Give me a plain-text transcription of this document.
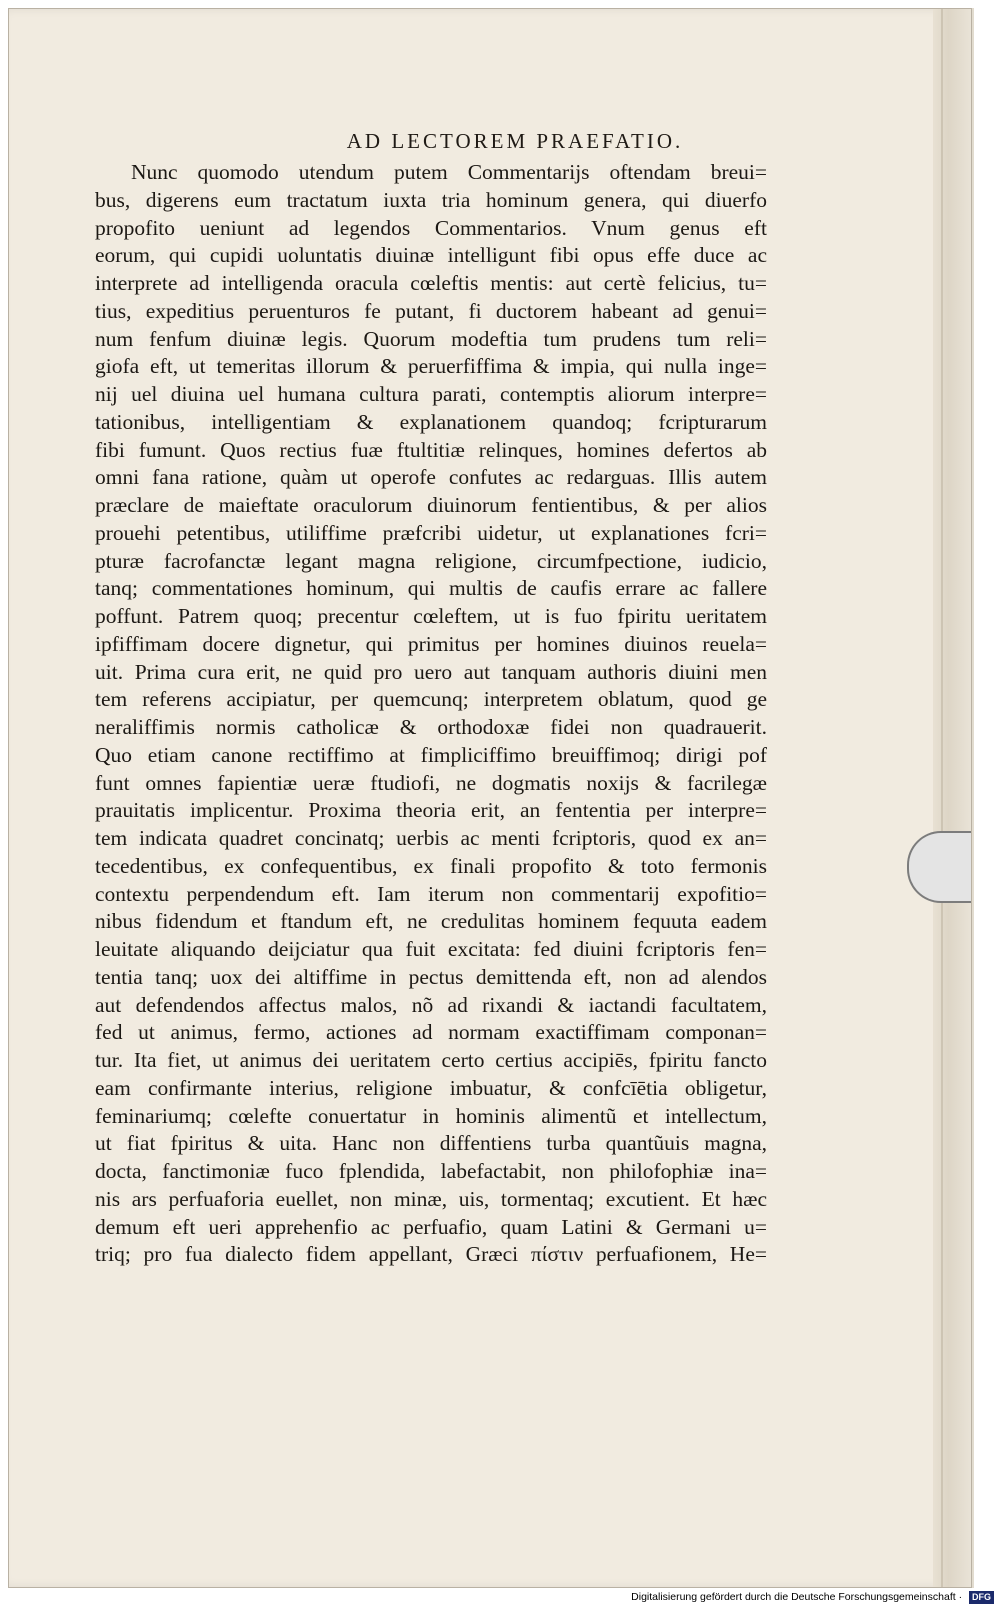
AD LECTOREM PRAEFATIO.
Nunc quomodo utendum putem Commentarijs oftendam breui=
bus, digerens eum tractatum iuxta tria hominum genera, qui diuerfo
propofito ueniunt ad legendos Commentarios. Vnum genus eft
eorum, qui cupidi uoluntatis diuinæ intelligunt fibi opus effe duce ac
interprete ad intelligenda oracula cœleftis mentis: aut certè felicius, tu=
tius, expeditius peruenturos fe putant, fi ductorem habeant ad genui=
num fenfum diuinæ legis. Quorum modeftia tum prudens tum reli=
giofa eft, ut temeritas illorum & peruerfiffima & impia, qui nulla inge=
nij uel diuina uel humana cultura parati, contemptis aliorum interpre=
tationibus, intelligentiam & explanationem quandoq; fcripturarum
fibi fumunt. Quos rectius fuæ ftultitiæ relinques, homines defertos ab
omni fana ratione, quàm ut operofe confutes ac redarguas. Illis autem
præclare de maieftate oraculorum diuinorum fentientibus, & per alios
prouehi petentibus, utiliffime præfcribi uidetur, ut explanationes fcri=
pturæ facrofanctæ legant magna religione, circumfpectione, iudicio,
tanq; commentationes hominum, qui multis de caufis errare ac fallere
poffunt. Patrem quoq; precentur cœleftem, ut is fuo fpiritu ueritatem
ipfiffimam docere dignetur, qui primitus per homines diuinos reuela=
uit. Prima cura erit, ne quid pro uero aut tanquam authoris diuini men
tem referens accipiatur, per quemcunq; interpretem oblatum, quod ge
neraliffimis normis catholicæ & orthodoxæ fidei non quadrauerit.
Quo etiam canone rectiffimo at fimpliciffimo breuiffimoq; dirigi pof
funt omnes fapientiæ ueræ ftudiofi, ne dogmatis noxijs & facrilegæ
prauitatis implicentur. Proxima theoria erit, an fententia per interpre=
tem indicata quadret concinatq; uerbis ac menti fcriptoris, quod ex an=
tecedentibus, ex confequentibus, ex finali propofito & toto fermonis
contextu perpendendum eft. Iam iterum non commentarij expofitio=
nibus fidendum et ftandum eft, ne credulitas hominem fequuta eadem
leuitate aliquando deijciatur qua fuit excitata: fed diuini fcriptoris fen=
tentia tanq; uox dei altiffime in pectus demittenda eft, non ad alendos
aut defendendos affectus malos, nõ ad rixandi & iactandi facultatem,
fed ut animus, fermo, actiones ad normam exactiffimam componan=
tur. Ita fiet, ut animus dei ueritatem certo certius accipiēs, fpiritu fancto
eam confirmante interius, religione imbuatur, & confcīētia obligetur,
feminariumq; cœlefte conuertatur in hominis alimentũ et intellectum,
ut fiat fpiritus & uita. Hanc non diffentiens turba quantũuis magna,
docta, fanctimoniæ fuco fplendida, labefactabit, non philofophiæ ina=
nis ars perfuaforia euellet, non minæ, uis, tormentaq; excutient. Et hæc
demum eft ueri apprehenfio ac perfuafio, quam Latini & Germani u=
triq; pro fua dialecto fidem appellant, Græci πίστιν perfuafionem, He=
Digitalisierung gefördert durch die Deutsche Forschungsgemeinschaft · DFG
